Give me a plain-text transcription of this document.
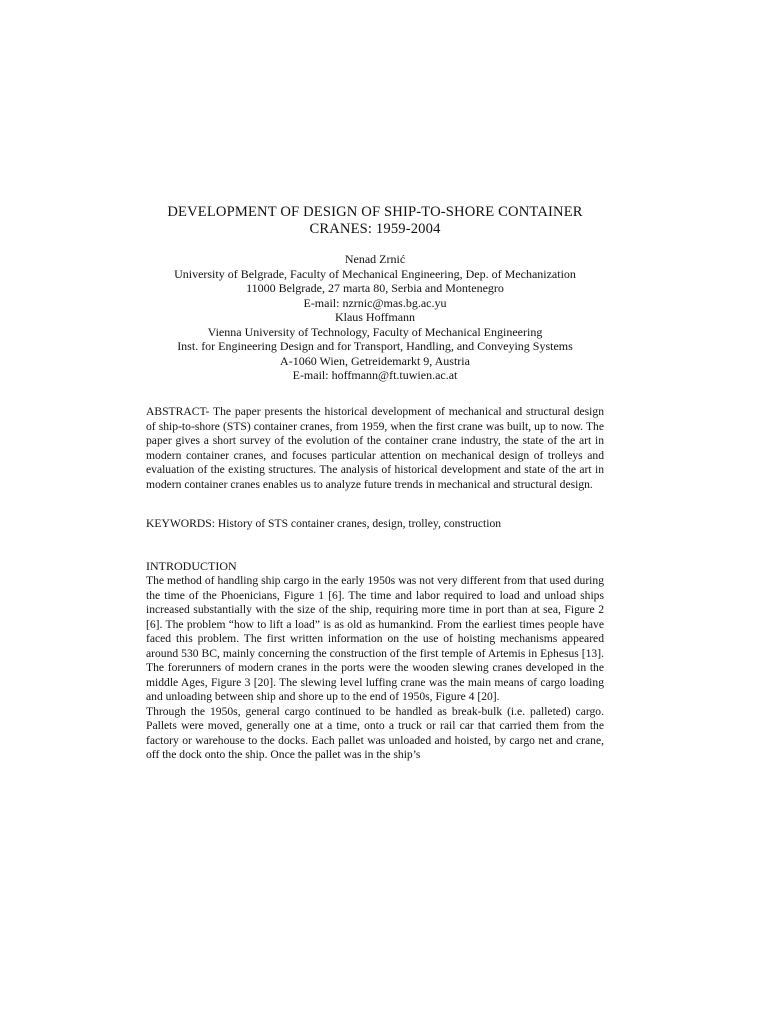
DEVELOPMENT OF DESIGN OF SHIP-TO-SHORE CONTAINER
CRANES: 1959-2004
Nenad Zrnić
University of Belgrade, Faculty of Mechanical Engineering, Dep. of Mechanization
11000 Belgrade, 27 marta 80, Serbia and Montenegro
E-mail: nzrnic@mas.bg.ac.yu
Klaus Hoffmann
Vienna University of Technology, Faculty of Mechanical Engineering
Inst. for Engineering Design and for Transport, Handling, and Conveying Systems
A-1060 Wien, Getreidemarkt 9, Austria
E-mail: hoffmann@ft.tuwien.ac.at

ABSTRACT- The paper presents the historical development of mechanical and structural design of ship-to-shore (STS) container cranes, from 1959, when the first crane was built, up to now. The paper gives a short survey of the evolution of the container crane industry, the state of the art in modern container cranes, and focuses particular attention on mechanical design of trolleys and evaluation of the existing structures. The analysis of historical development and state of the art in modern container cranes enables us to analyze future trends in mechanical and structural design.

KEYWORDS: History of STS container cranes, design, trolley, construction

INTRODUCTION

The method of handling ship cargo in the early 1950s was not very different from that used during the time of the Phoenicians, Figure 1 [6]. The time and labor required to load and unload ships increased substantially with the size of the ship, requiring more time in port than at sea, Figure 2 [6]. The problem “how to lift a load” is as old as humankind. From the earliest times people have faced this problem. The first written information on the use of hoisting mechanisms appeared around 530 BC, mainly concerning the construction of the first temple of Artemis in Ephesus [13]. The forerunners of modern cranes in the ports were the wooden slewing cranes developed in the middle Ages, Figure 3 [20]. The slewing level luffing crane was the main means of cargo loading and unloading between ship and shore up to the end of 1950s, Figure 4 [20].

Through the 1950s, general cargo continued to be handled as break-bulk (i.e. palleted) cargo. Pallets were moved, generally one at a time, onto a truck or rail car that carried them from the factory or warehouse to the docks. Each pallet was unloaded and hoisted, by cargo net and crane, off the dock onto the ship. Once the pallet was in the ship’s
